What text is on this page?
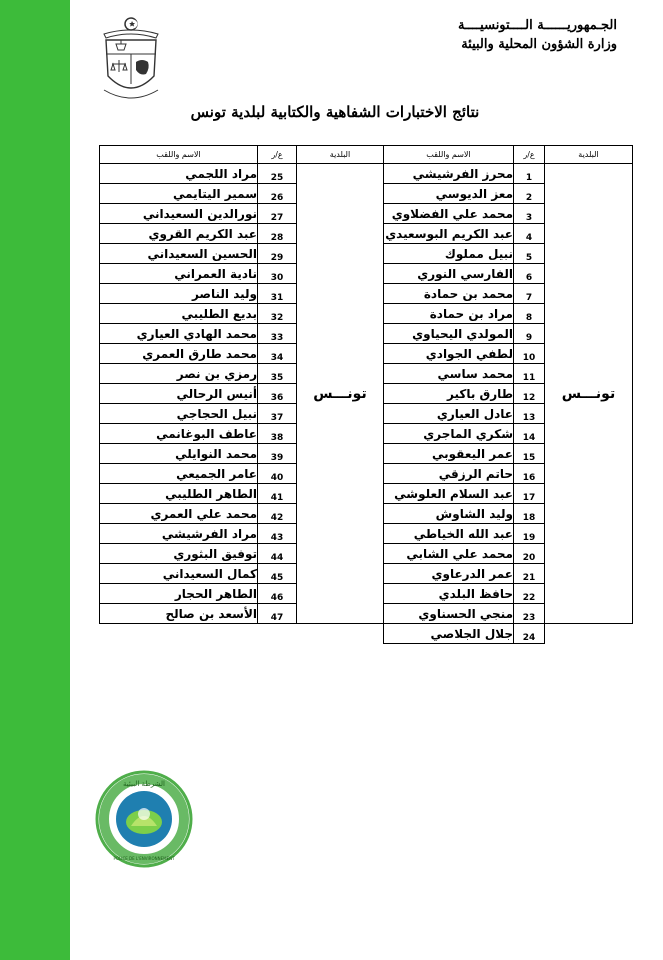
الجـمهوريــــــة الــــتونسيــــة
وزارة الشؤون المحلية والبيئة
نتائج الاختبارات الشفاهية والكتابية لبلدية تونس
البلدية	ع/ر	الاسم واللقب
تونـــس	1	محرز الفرشيشي
	2	معز الديوسي
	3	محمد علي الفضلاوي
	4	عبد الكريم البوسعيدي
	5	نبيل مملوك
	6	الفارسي النوري
	7	محمد بن حمادة
	8	مراد بن حمادة
	9	المولدي اليحياوي
	10	لطفي الجوادي
	11	محمد ساسي
	12	طارق باكير
	13	عادل العياري
	14	شكري الماجري
	15	عمر اليعقوبي
	16	حاتم الرزقي
	17	عبد السلام العلوشي
	18	وليد الشاوش
	19	عبد الله الخياطي
	20	محمد علي الشابي
	21	عمر الدرعاوي
	22	حافظ البلدي
	23	منجي الحسناوي
	24	جلال الجلاصي
البلدية	ع/ر	الاسم واللقب
تونـــس	25	مراد اللجمي
	26	سمير اليتايمي
	27	نورالدين السعيداني
	28	عبد الكريم القروي
	29	الحسين السعيداني
	30	نادية العمراني
	31	وليد الناصر
	32	بديع الطليبي
	33	محمد الهادي العياري
	34	محمد طارق العمري
	35	رمزي بن نصر
	36	أنيس الرحالي
	37	نبيل الحجاجي
	38	عاطف البوغانمي
	39	محمد النوايلي
	40	عامر الجميعي
	41	الطاهر الطليبي
	42	محمد علي العمري
	43	مراد الفرشيشي
	44	توفيق البثوري
	45	كمال السعيداني
	46	الطاهر الحجار
	47	الأسعد بن صالح
الشرطة البيئية
POLICE DE L'ENVIRONNEMENT
